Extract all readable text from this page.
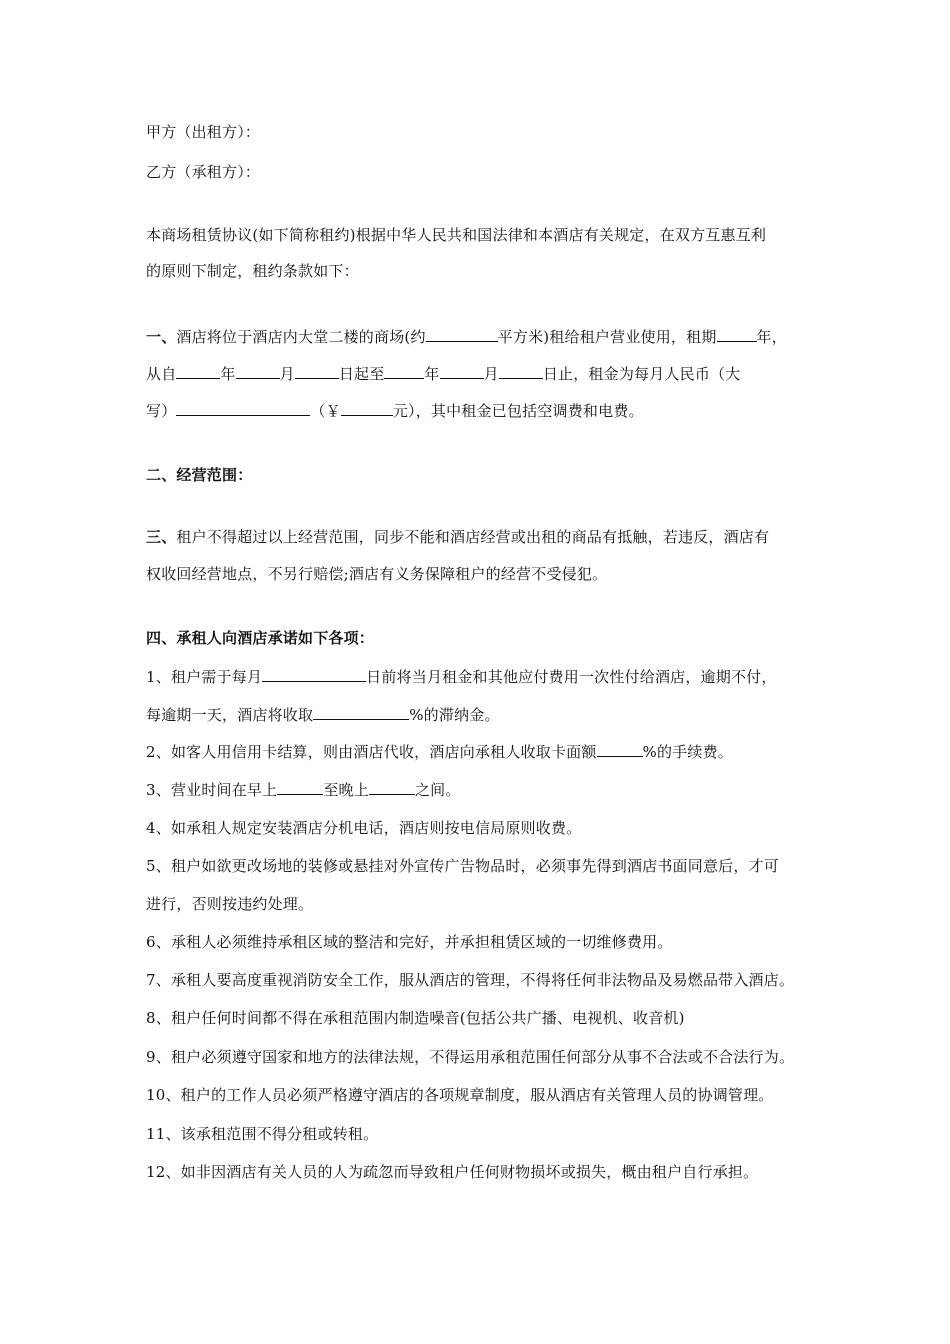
甲方（出租方）：
乙方（承租方）：
本商场租赁协议(如下简称租约)根据中华人民共和国法律和本酒店有关规定，在双方互惠互利
的原则下制定，租约条款如下：
一、酒店将位于酒店内大堂二楼的商场(约	平方米)租给租户营业使用，租期	年，
从自	年	月	日起至	年	月	日止，租金为每月人民币（大
写）	（￥	元），其中租金已包括空调费和电费。
二、经营范围：
三、租户不得超过以上经营范围，同步不能和酒店经营或出租的商品有抵触，若违反，酒店有
权收回经营地点，不另行赔偿;酒店有义务保障租户的经营不受侵犯。
四、承租人向酒店承诺如下各项：
1、租户需于每月	日前将当月租金和其他应付费用一次性付给酒店，逾期不付，
每逾期一天，酒店将收取	%的滞纳金。
2、如客人用信用卡结算，则由酒店代收，酒店向承租人收取卡面额	%的手续费。
3、营业时间在早上	至晚上	之间。
4、如承租人规定安装酒店分机电话，酒店则按电信局原则收费。
5、租户如欲更改场地的装修或悬挂对外宣传广告物品时，必须事先得到酒店书面同意后，才可
进行，否则按违约处理。
6、承租人必须维持承租区域的整洁和完好，并承担租赁区域的一切维修费用。
7、承租人要高度重视消防安全工作，服从酒店的管理，不得将任何非法物品及易燃品带入酒店。
8、租户任何时间都不得在承租范围内制造噪音(包括公共广播、电视机、收音机)
9、租户必须遵守国家和地方的法律法规，不得运用承租范围任何部分从事不合法或不合法行为。
10、租户的工作人员必须严格遵守酒店的各项规章制度，服从酒店有关管理人员的协调管理。
11、该承租范围不得分租或转租。
12、如非因酒店有关人员的人为疏忽而导致租户任何财物损坏或损失，概由租户自行承担。
